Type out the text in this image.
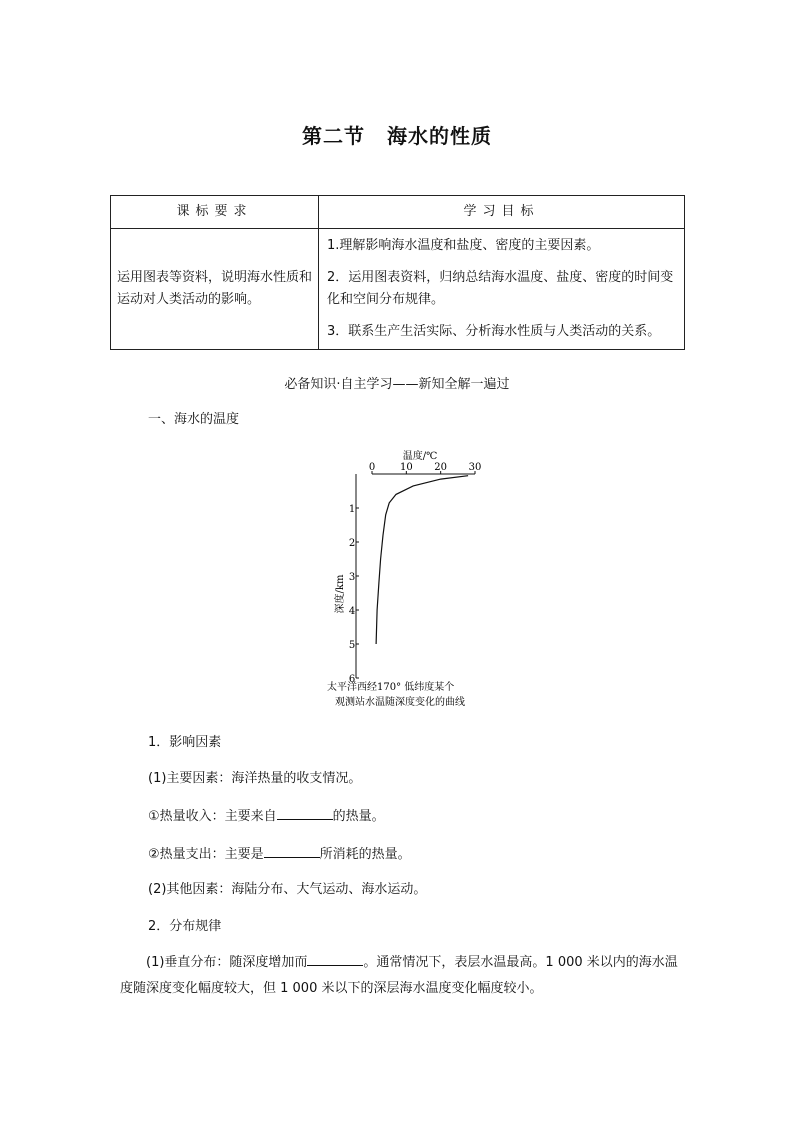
第二节 海水的性质
课标要求	学习目标
运用图表等资料，说明海水性质和运动对人类活动的影响。	1.理解影响海水温度和盐度、密度的主要因素。

2．运用图表资料，归纳总结海水温度、盐度、密度的时间变化和空间分布规律。

3．联系生产生活实际、分析海水性质与人类活动的关系。

必备知识·自主学习——新知全解一遍过
一、海水的温度
温度/℃
0 10 20 30
1
2
3
4
5
6
深度/km
太平洋西经170° 低纬度某个
观测站水温随深度变化的曲线
1．影响因素
(1)主要因素：海洋热量的收支情况。
①热量收入：主要来自	的热量。
②热量支出：主要是	所消耗的热量。
(2)其他因素：海陆分布、大气运动、海水运动。
2．分布规律
(1)垂直分布：随深度增加而	。通常情况下，表层水温最高。1 000 米以内的海水温度随深度变化幅度较大，但 1 000 米以下的深层海水温度变化幅度较小。
